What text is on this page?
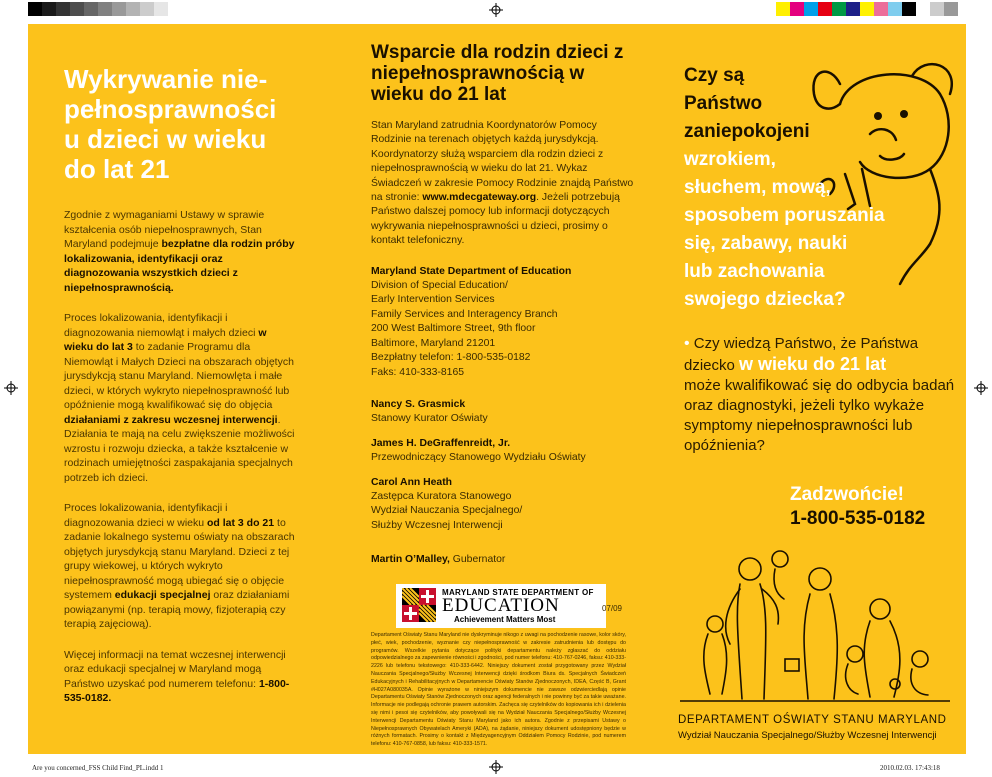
Wykrywanie nie-pełnosprawności u dzieci w wieku do lat 21

Zgodnie z wymaganiami Ustawy w sprawie kształcenia osób niepełnosprawnych, Stan Maryland podejmuje bezpłatne dla rodzin próby lokalizowania, identyfikacji oraz diagnozowania wszystkich dzieci z niepełnosprawnością.

Proces lokalizowania, identyfikacji i diagnozowania niemowląt i małych dzieci w wieku do lat 3 to zadanie Programu dla Niemowląt i Małych Dzieci na obszarach objętych jurysdykcją stanu Maryland. Niemowlęta i małe dzieci, w których wykryto niepełnosprawność lub opóźnienie mogą kwalifikować się do objęcia działaniami z zakresu wczesnej interwencji. Działania te mają na celu zwiększenie możliwości wzrostu i rozwoju dziecka, a także kształcenie w rodzinach umiejętności zaspakajania specjalnych potrzeb ich dzieci.

Proces lokalizowania, identyfikacji i diagnozowania dzieci w wieku od lat 3 do 21 to zadanie lokalnego systemu oświaty na obszarach objętych jurysdykcją stanu Maryland. Dzieci z tej grupy wiekowej, u których wykryto niepełnosprawność mogą ubiegać się o objęcie systemem edukacji specjalnej oraz działaniami powiązanymi (np. terapią mowy, fizjoterapią czy terapią zajęciową).

Więcej informacji na temat wczesnej interwencji oraz edukacji specjalnej w Maryland mogą Państwo uzyskać pod numerem telefonu: 1-800-535-0182.

Wsparcie dla rodzin dzieci z niepełnosprawnością w wieku do 21 lat

Stan Maryland zatrudnia Koordynatorów Pomocy Rodzinie na terenach objętych każdą jurysdykcją. Koordynatorzy służą wsparciem dla rodzin dzieci z niepełnosprawnością w wieku do lat 21. Wykaz Świadczeń w zakresie Pomocy Rodzinie znajdą Państwo na stronie: www.mdecgateway.org. Jeżeli potrzebują Państwo dalszej pomocy lub informacji dotyczących wykrywania niepełnosprawności u dzieci, prosimy o kontakt telefoniczny.

Maryland State Department of Education
Division of Special Education/
Early Intervention Services
Family Services and Interagency Branch
200 West Baltimore Street, 9th floor
Baltimore, Maryland 21201
Bezpłatny telefon: 1-800-535-0182
Faks: 410-333-8165
Nancy S. Grasmick
Stanowy Kurator Oświaty
James H. DeGraffenreidt, Jr.
Przewodniczący Stanowego Wydziału Oświaty
Carol Ann Heath
Zastępca Kuratora Stanowego
Wydział Nauczania Specjalnego/
Służby Wczesnej Interwencji
Martin O’Malley, Gubernator
MARYLAND STATE DEPARTMENT OF
EDUCATION
Achievement Matters Most
07/09
Departament Oświaty Stanu Maryland nie dyskryminuje nikogo z uwagi na pochodzenie rasowe, kolor skóry, płeć, wiek, pochodzenie, wyznanie czy niepełnosprawność w zakresie zatrudnienia lub dostępu do programów. Wszelkie pytania dotyczące polityki departamentu należy zgłaszać do oddziału odpowiedzialnego za zapewnienie równości i zgodności, pod numer telefonu: 410-767-0246, faksu: 410-333-2226 lub telefonu tekstowego: 410-333-6442. Niniejszy dokument został przygotowany przez Wydział Nauczania Specjalnego/Służby Wczesnej Interwencji dzięki środkom Biura ds. Specjalnych Świadczeń Edukacyjnych i Rehabilitacyjnych w Departamencie Oświaty Stanów Zjednoczonych, IDEA, Część B, Grant #H027A080035A. Opinie wyrażone w niniejszym dokumencie nie zawsze odzwierciedlają opinie Departamentu Oświaty Stanów Zjednoczonych oraz agencji federalnych i nie powinny być za takie uważane. Informacje nie podlegają ochronie prawem autorskim. Zachęca się czytelników do kopiowania ich i dzielenia się nimi i pesoi się czytelników, aby powoływali się na Wydział Nauczania Specjalnego/Służby Wczesnej Interwencji Departamentu Oświaty Stanu Maryland jako ich autora. Zgodnie z przepisami Ustawy o Niepełnosprawnych Obywatelach Ameryki (ADA), na żądanie, niniejszy dokument udostępniony będzie w różnych formatach. Prosimy o kontakt z Międzyagencyjnym Oddziałem Pomocy Rodzinie, pod numerem telefonu: 410-767-0858, lub faksu: 410-333-1571.
Czy są
Państwo
zaniepokojeni
wzrokiem,
słuchem, mową,
sposobem poruszania
się, zabawy, nauki
lub zachowania
swojego dziecka?

• Czy wiedzą Państwo, że Państwa dziecko w wieku do 21 lat
może kwalifikować się do odbycia badań oraz diagnostyki, jeżeli tylko wykaże symptomy niepełnosprawności lub opóźnienia?

Zadzwońcie!
1-800-535-0182
DEPARTAMENT OŚWIATY STANU MARYLAND
Wydział Nauczania Specjalnego/Służby Wczesnej Interwencji
Are you concerned_FSS Child Find_PL.indd 1	2010.02.03. 17:43:18
